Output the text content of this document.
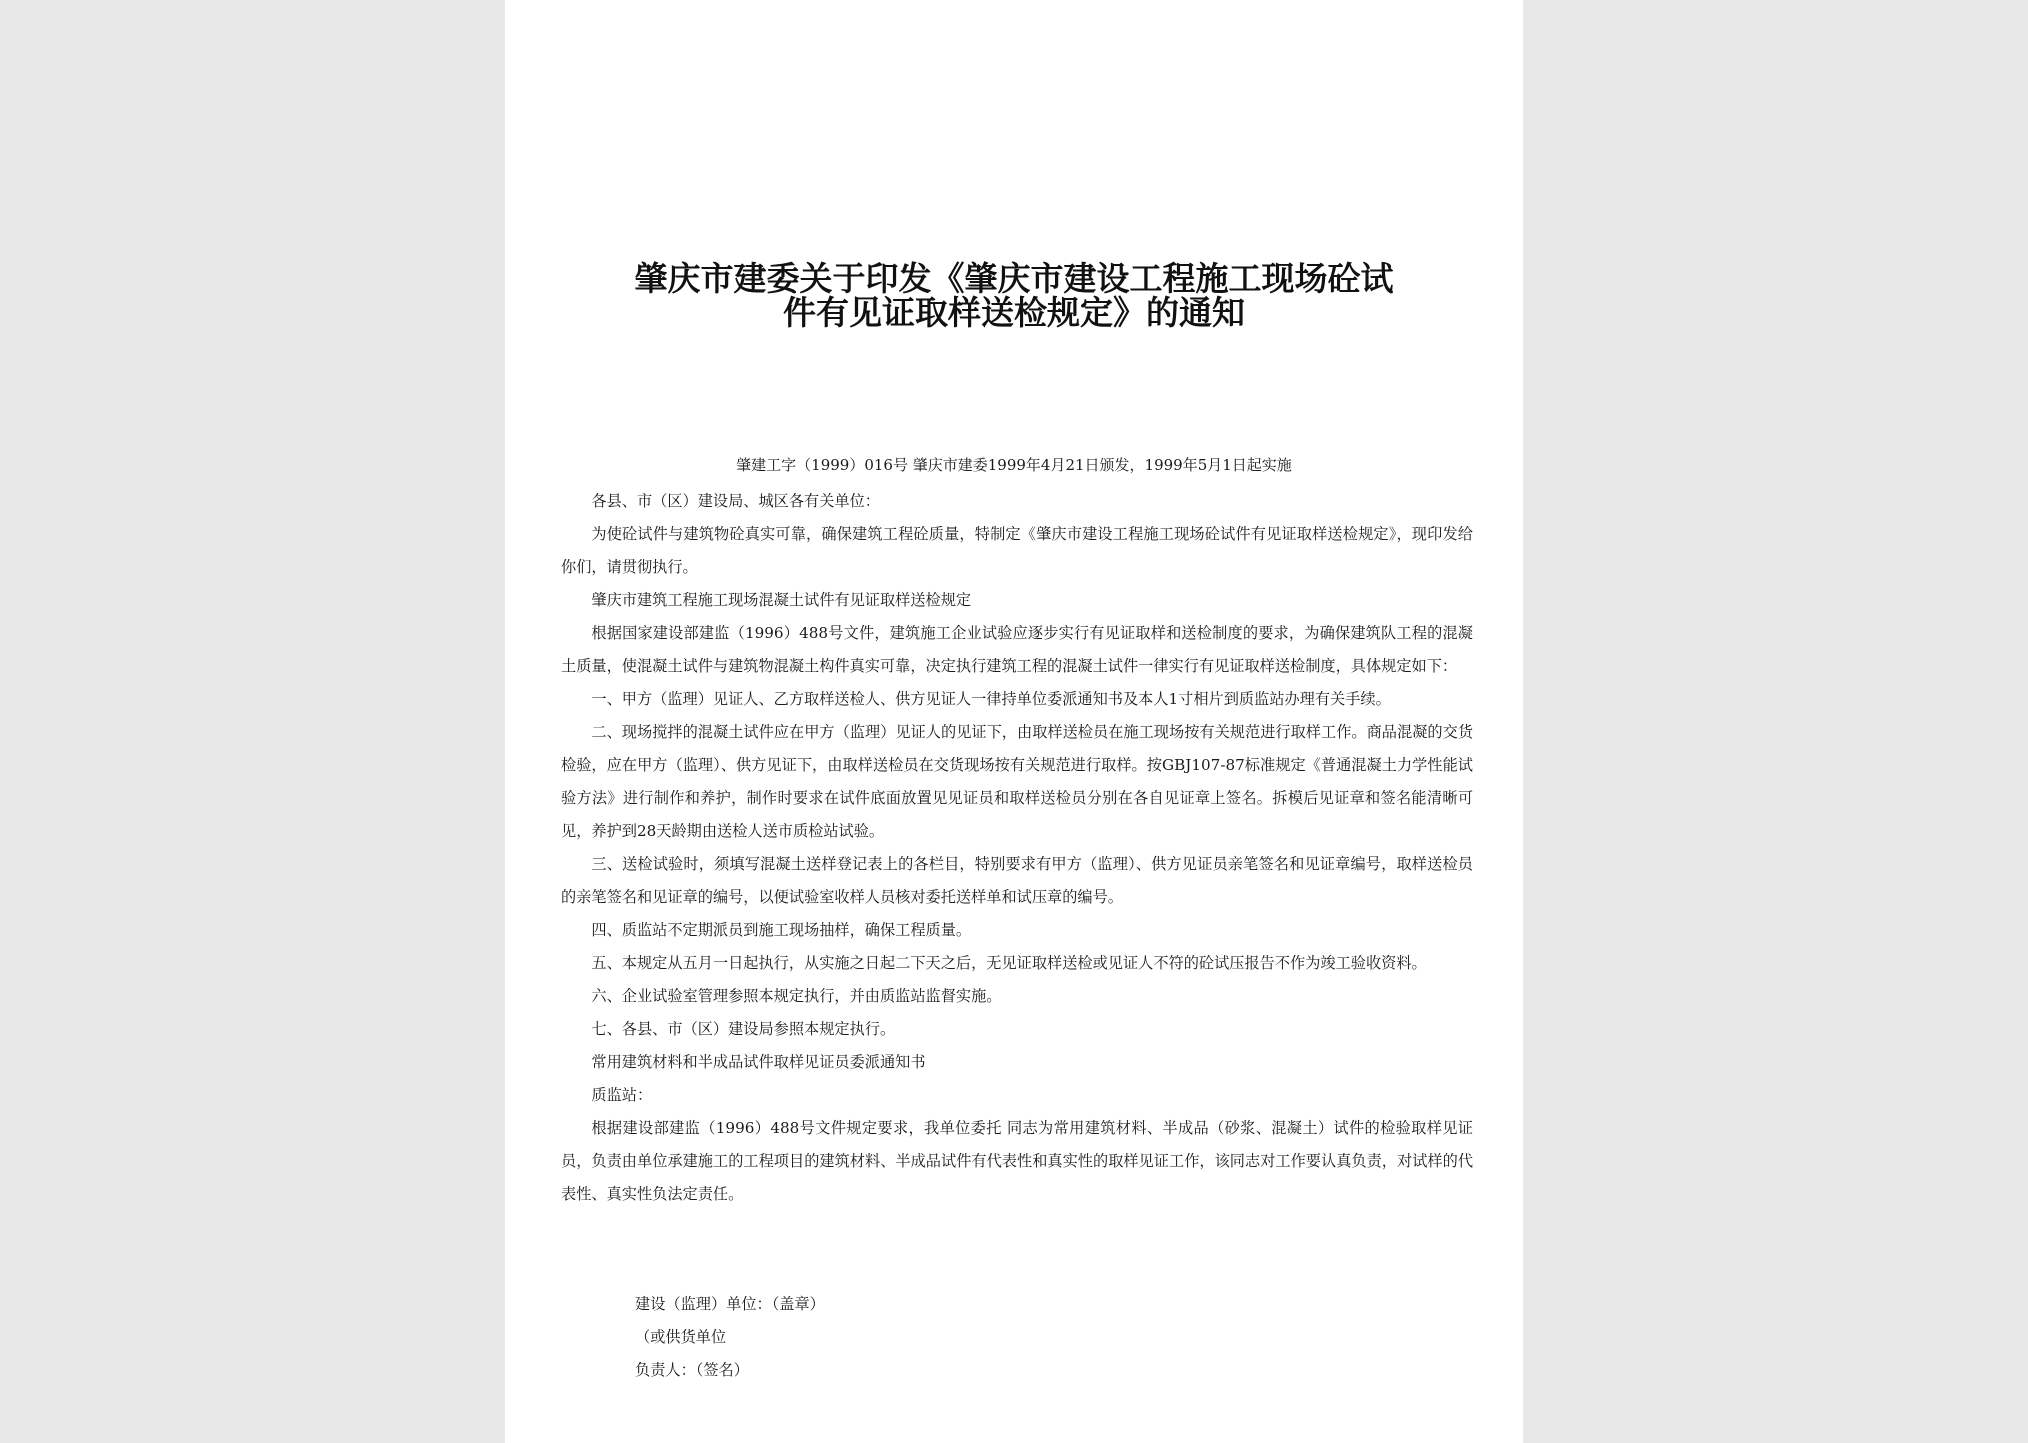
肇庆市建委关于印发《肇庆市建设工程施工现场砼试
件有见证取样送检规定》的通知
肇建工字（1999）016号 肇庆市建委1999年4月21日颁发，1999年5月1日起实施

各县、市（区）建设局、城区各有关单位：

为使砼试件与建筑物砼真实可靠，确保建筑工程砼质量，特制定《肇庆市建设工程施工现场砼试件有见证取样送检规定》，现印发给你们，请贯彻执行。

肇庆市建筑工程施工现场混凝土试件有见证取样送检规定

根据国家建设部建监（1996）488号文件，建筑施工企业试验应逐步实行有见证取样和送检制度的要求，为确保建筑队工程的混凝土质量，使混凝土试件与建筑物混凝土构件真实可靠，决定执行建筑工程的混凝土试件一律实行有见证取样送检制度，具体规定如下：

一、甲方（监理）见证人、乙方取样送检人、供方见证人一律持单位委派通知书及本人1寸相片到质监站办理有关手续。

二、现场搅拌的混凝土试件应在甲方（监理）见证人的见证下，由取样送检员在施工现场按有关规范进行取样工作。商品混凝的交货检验，应在甲方（监理）、供方见证下，由取样送检员在交货现场按有关规范进行取样。按GBJ107-87标准规定《普通混凝土力学性能试验方法》进行制作和养护，制作时要求在试件底面放置见见证员和取样送检员分别在各自见证章上签名。拆模后见证章和签名能清晰可见，养护到28天龄期由送检人送市质检站试验。

三、送检试验时，须填写混凝土送样登记表上的各栏目，特别要求有甲方（监理）、供方见证员亲笔签名和见证章编号，取样送检员的亲笔签名和见证章的编号，以便试验室收样人员核对委托送样单和试压章的编号。

四、质监站不定期派员到施工现场抽样，确保工程质量。

五、本规定从五月一日起执行，从实施之日起二下天之后，无见证取样送检或见证人不符的砼试压报告不作为竣工验收资料。

六、企业试验室管理参照本规定执行，并由质监站监督实施。

七、各县、市（区）建设局参照本规定执行。

常用建筑材料和半成品试件取样见证员委派通知书

质监站：

根据建设部建监（1996）488号文件规定要求，我单位委托 同志为常用建筑材料、半成品（砂浆、混凝土）试件的检验取样见证员，负责由单位承建施工的工程项目的建筑材料、半成品试件有代表性和真实性的取样见证工作，该同志对工作要认真负责，对试样的代表性、真实性负法定责任。

建设（监理）单位：（盖章）
（或供货单位
负责人：（签名）
